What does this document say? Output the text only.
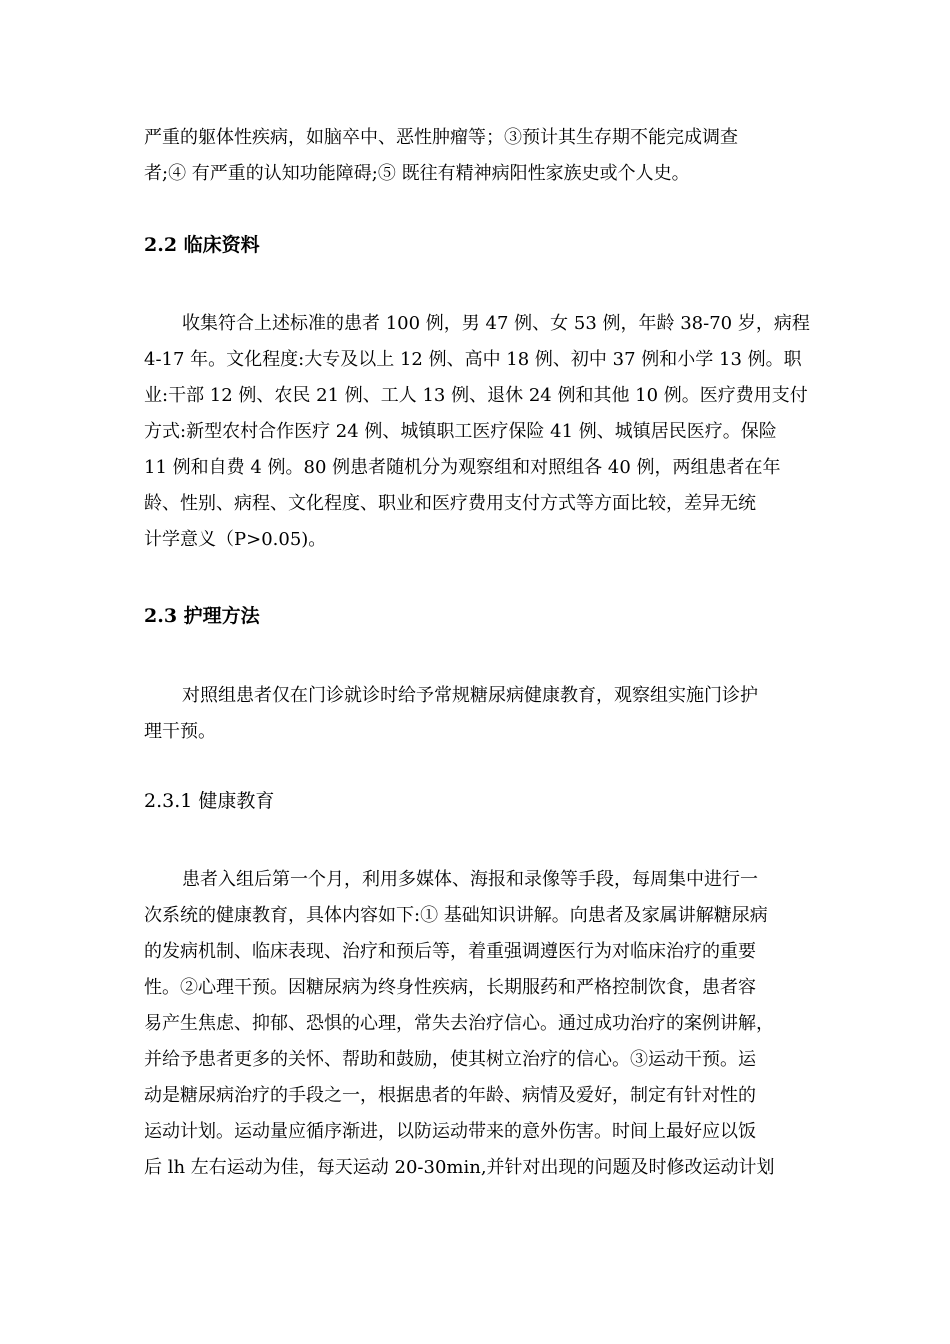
严重的躯体性疾病，如脑卒中、恶性肿瘤等；③预计其生存期不能完成调查
者;④ 有严重的认知功能障碍;⑤ 既往有精神病阳性家族史或个人史。

2.2 临床资料

收集符合上述标准的患者 100 例，男 47 例、女 53 例，年龄 38-70 岁，病程
4-17 年。文化程度:大专及以上 12 例、高中 18 例、初中 37 例和小学 13 例。职
业:干部 12 例、农民 21 例、工人 13 例、退休 24 例和其他 10 例。医疗费用支付
方式:新型农村合作医疗 24 例、城镇职工医疗保险 41 例、城镇居民医疗。保险
11 例和自费 4 例。80 例患者随机分为观察组和对照组各 40 例，两组患者在年
龄、性别、病程、文化程度、职业和医疗费用支付方式等方面比较，差异无统
计学意义（P>0.05)。

2.3 护理方法

对照组患者仅在门诊就诊时给予常规糖尿病健康教育，观察组实施门诊护
理干预。

2.3.1 健康教育

患者入组后第一个月，利用多媒体、海报和录像等手段，每周集中进行一
次系统的健康教育，具体内容如下:① 基础知识讲解。向患者及家属讲解糖尿病
的发病机制、临床表现、治疗和预后等，着重强调遵医行为对临床治疗的重要
性。②心理干预。因糖尿病为终身性疾病，长期服药和严格控制饮食，患者容
易产生焦虑、抑郁、恐惧的心理，常失去治疗信心。通过成功治疗的案例讲解，
并给予患者更多的关怀、帮助和鼓励，使其树立治疗的信心。③运动干预。运
动是糖尿病治疗的手段之一，根据患者的年龄、病情及爱好，制定有针对性的
运动计划。运动量应循序渐进，以防运动带来的意外伤害。时间上最好应以饭
后 lh 左右运动为佳，每天运动 20-30min,并针对出现的问题及时修改运动计划
